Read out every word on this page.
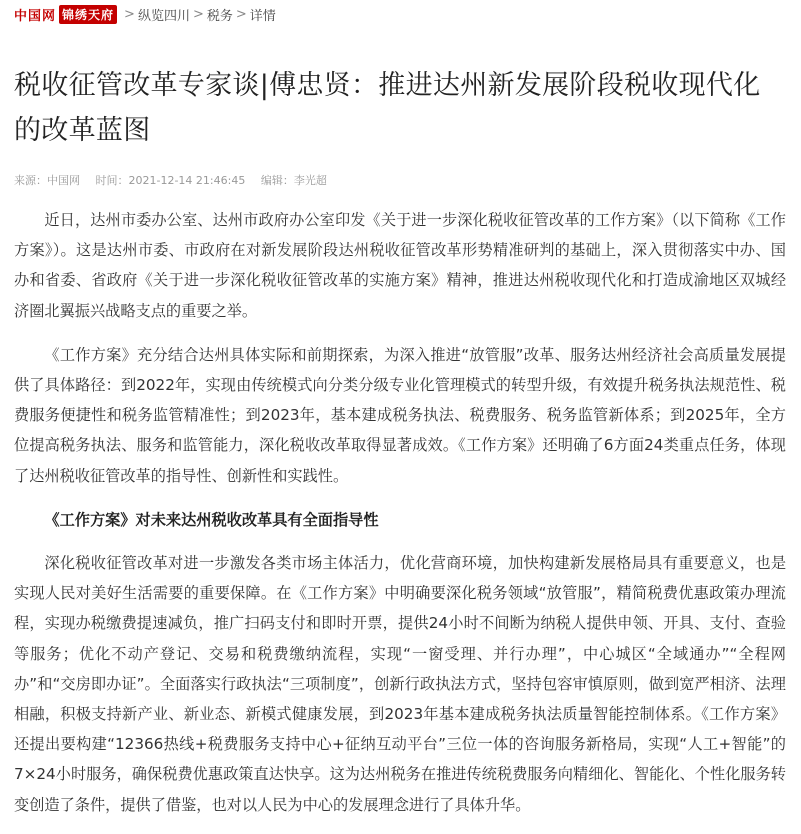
中国网 锦绣天府 > 纵览四川 > 税务 > 详情
税收征管改革专家谈|傅忠贤：推进达州新发展阶段税收现代化的改革蓝图
来源：中国网 时间：2021-12-14 21:46:45 编辑：李光超

近日，达州市委办公室、达州市政府办公室印发《关于进一步深化税收征管改革的工作方案》（以下简称《工作方案》）。这是达州市委、市政府在对新发展阶段达州税收征管改革形势精准研判的基础上，深入贯彻落实中办、国办和省委、省政府《关于进一步深化税收征管改革的实施方案》精神，推进达州税收现代化和打造成渝地区双城经济圈北翼振兴战略支点的重要之举。

《工作方案》充分结合达州具体实际和前期探索，为深入推进“放管服”改革、服务达州经济社会高质量发展提供了具体路径：到2022年，实现由传统模式向分类分级专业化管理模式的转型升级，有效提升税务执法规范性、税费服务便捷性和税务监管精准性；到2023年，基本建成税务执法、税费服务、税务监管新体系；到2025年，全方位提高税务执法、服务和监管能力，深化税收改革取得显著成效。《工作方案》还明确了6方面24类重点任务，体现了达州税收征管改革的指导性、创新性和实践性。

《工作方案》对未来达州税收改革具有全面指导性

深化税收征管改革对进一步激发各类市场主体活力，优化营商环境，加快构建新发展格局具有重要意义，也是实现人民对美好生活需要的重要保障。在《工作方案》中明确要深化税务领域“放管服”，精简税费优惠政策办理流程，实现办税缴费提速减负，推广扫码支付和即时开票，提供24小时不间断为纳税人提供申领、开具、支付、查验等服务；优化不动产登记、交易和税费缴纳流程，实现“一窗受理、并行办理”，中心城区“全域通办”“全程网办”和“交房即办证”。全面落实行政执法“三项制度”，创新行政执法方式，坚持包容审慎原则，做到宽严相济、法理相融，积极支持新产业、新业态、新模式健康发展，到2023年基本建成税务执法质量智能控制体系。《工作方案》还提出要构建“12366热线+税费服务支持中心+征纳互动平台”三位一体的咨询服务新格局，实现“人工+智能”的7×24小时服务，确保税费优惠政策直达快享。这为达州税务在推进传统税费服务向精细化、智能化、个性化服务转变创造了条件，提供了借鉴，也对以人民为中心的发展理念进行了具体升华。
